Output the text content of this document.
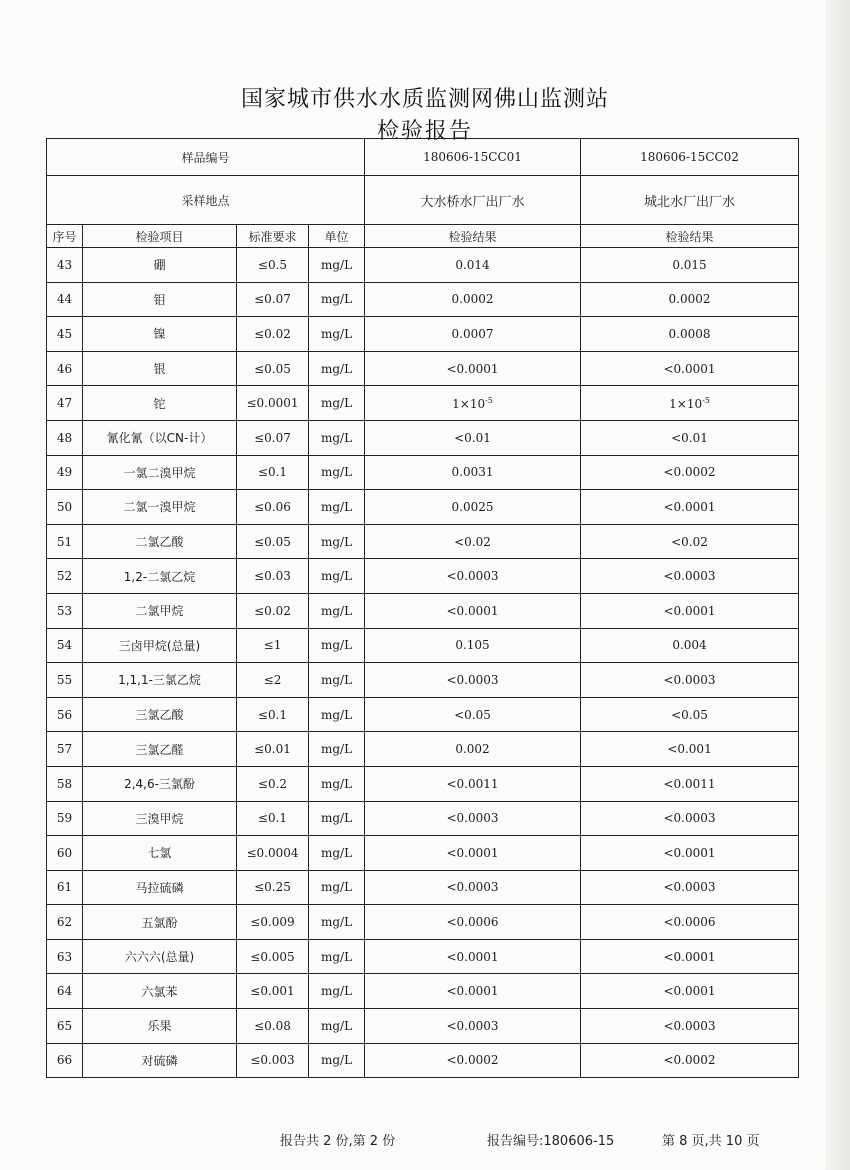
国家城市供水水质监测网佛山监测站
检验报告
样品编号				180606-15CC01	180606-15CC02
采样地点				大水桥水厂出厂水	城北水厂出厂水
序号	检验项目	标准要求	单位	检验结果	检验结果
43	硼	≤0.5	mg/L	0.014	0.015
44	钼	≤0.07	mg/L	0.0002	0.0002
45	镍	≤0.02	mg/L	0.0007	0.0008
46	银	≤0.05	mg/L	<0.0001	<0.0001
47	铊	≤0.0001	mg/L	$1\times 10^{-5}$	$1\times 10^{-5}$
48	氰化氰（以CN-计）	≤0.07	mg/L	<0.01	<0.01
49	一氯二溴甲烷	≤0.1	mg/L	0.0031	<0.0002
50	二氯一溴甲烷	≤0.06	mg/L	0.0025	<0.0001
51	二氯乙酸	≤0.05	mg/L	<0.02	<0.02
52	1,2-二氯乙烷	≤0.03	mg/L	<0.0003	<0.0003
53	二氯甲烷	≤0.02	mg/L	<0.0001	<0.0001
54	三卤甲烷(总量)	≤1	mg/L	0.105	0.004
55	1,1,1-三氯乙烷	≤2	mg/L	<0.0003	<0.0003
56	三氯乙酸	≤0.1	mg/L	<0.05	<0.05
57	三氯乙醛	≤0.01	mg/L	0.002	<0.001
58	2,4,6-三氯酚	≤0.2	mg/L	<0.0011	<0.0011
59	三溴甲烷	≤0.1	mg/L	<0.0003	<0.0003
60	七氯	≤0.0004	mg/L	<0.0001	<0.0001
61	马拉硫磷	≤0.25	mg/L	<0.0003	<0.0003
62	五氯酚	≤0.009	mg/L	<0.0006	<0.0006
63	六六六(总量)	≤0.005	mg/L	<0.0001	<0.0001
64	六氯苯	≤0.001	mg/L	<0.0001	<0.0001
65	乐果	≤0.08	mg/L	<0.0003	<0.0003
66	对硫磷	≤0.003	mg/L	<0.0002	<0.0002
报告共 2 份,第 2 份	报告编号:180606-15	第 8 页,共 10 页
